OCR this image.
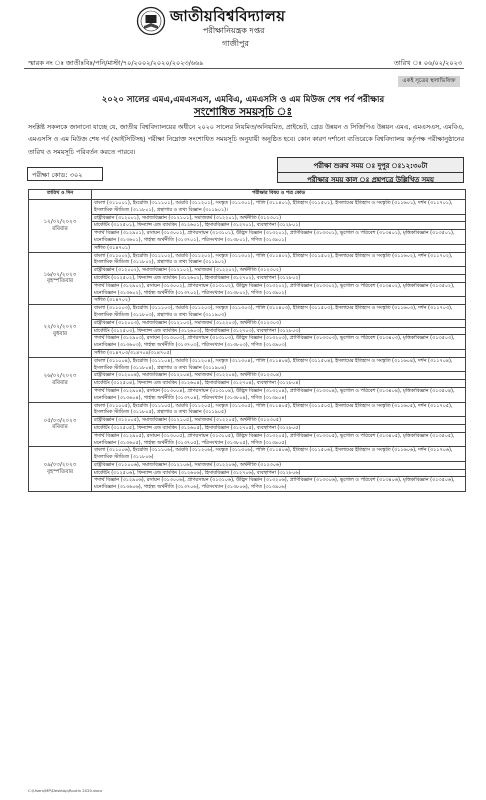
জাতীয়বিশ্ববিদ্যালয়
পরীক্ষানিয়ন্ত্রক দপ্তর
গাজীপুর
স্মারক নং ঃ জাতীঃবিঃ/পনি/মাস্টা/৭০/২০০২/২০২০/২০২৩/৬৬৯	তারিখ ঃ ০৬/০২/২০২৩
একই সূত্রের স্থলাভিষিক্ত
২০২০ সালের এমএ,এমএসএস, এমবিএ, এমএসসি ও এম মিউজ শেষ পর্ব পরীক্ষার
সংশোধিত সময়সূচি ঃ
সংশ্লিষ্ট সকলকে জানানো যাচ্ছে যে, জাতীয় বিশ্ববিদ্যালয়ের অধীনে ২০২০ সালের নিয়মিত/অনিয়মিত, প্রাইভেট, গ্রেড উন্নয়ন ও সিজিপিএ উন্নয়ন এমএ, এমএসএস, এমবিএ, এমএসসি ও এম মিউজ শেষ পর্ব (আইসিটিসহ) পরীক্ষা নিম্নোক্ত সংশোধিত সময়সূচি অনুযায়ী অনুষ্ঠিত হবে। কোন কারণ দর্শানো ব্যতিরেকে বিশ্ববিদ্যালয় কর্তৃপক্ষ পরীক্ষানুষ্ঠানের তারিখ ও সময়সূচি পরিবর্তন করতে পারবে।
পরীক্ষা কোড: ৩০২
পরীক্ষা শুরুর সময় ঃ দুপুর ঃ১২:৩০টা
পরীক্ষার সময় কাল ঃ প্রশ্নপত্রে উল্লিখিত সময়
তারিখ ও দিন	পরীক্ষার বিষয় ও পত্র কোড

১২/০২/২০২৩
রবিবার	বাংলা (৩১১০০১), ইংরেজি (৩১১১০১), আরবি (৩১১২০১), সংস্কৃত (৩১১৩০১), পালি (৩১১৪০১), ইতিহাস (৩১১৫০১), ইসলামের ইতিহাস ও সংস্কৃতি (৩১১৬০১), দর্শন (৩১১৭০১), ইসলামিক স্টাডিজ (৩১১৮০১), গ্রন্থাগার ও তথ্য বিজ্ঞান (৩১১৯০১)।
	রাষ্ট্রবিজ্ঞান (৩১২০০১), সমাজবিজ্ঞান (৩১২১০১), সমাজকর্ম (৩১২২০১), অর্থনীতি (৩১২৩০১)
	মার্কেটিং (৩১২৫০১), ফিন্যান্স এন্ড ব্যাংকিং (৩১২৬০১), হিসাববিজ্ঞান (৩১২৭০১), ব্যবস্থাপনা (৩১২৮০১)
	পদার্থ বিজ্ঞান (৩১২৯০১), রসায়ন (৩১৩০০১), প্রাণরসায়ন (৩১৩১০১), উদ্ভিদ বিজ্ঞান (৩১৩২০১), প্রাণিবিজ্ঞান (৩১৩৩০১), ভূগোল ও পরিবেশ (৩১৩৪০১), মৃত্তিকাবিজ্ঞান (৩১৩৫০১), মনোবিজ্ঞান (৩১৩৬০১), গার্হস্থ্য অর্থনীতি (৩১৩৭০১), পরিসংখ্যান (৩১৩৮০১), গণিত (৩১৩৯০১)
	সঙ্গীত (৩১৪৭০১)

১৬/০২/২০২৩
বৃহস্পতিবার	বাংলা (৩১১০০২), ইংরেজি (৩১১১০২), আরবি (৩১১২০২), সংস্কৃত (৩১১৩০২), পালি (৩১১৪০২), ইতিহাস (৩১১৫০২), ইসলামের ইতিহাস ও সংস্কৃতি (৩১১৬০২), দর্শন (৩১১৭০২), ইসলামিক স্টাডিজ (৩১১৮০২), গ্রন্থাগার ও তথ্য বিজ্ঞান (৩১১৯০২)
	রাষ্ট্রবিজ্ঞান (৩১২০০২), সমাজবিজ্ঞান (৩১২১০২), সমাজকর্ম (৩১২২০২), অর্থনীতি (৩১২৩০২)
	মার্কেটিং (৩১২৫০২), ফিন্যান্স এন্ড ব্যাংকিং (৩১২৬০২), হিসাববিজ্ঞান (৩১২৭০২), ব্যবস্থাপনা (৩১২৮০২)
	পদার্থ বিজ্ঞান (৩১২৯০২), রসায়ন (৩১৩০০২), প্রাণরসায়ন (৩১৩১০২), উদ্ভিদ বিজ্ঞান (৩১৩২০২), প্রাণিবিজ্ঞান (৩১৩৩০২), ভূগোল ও পরিবেশ (৩১৩৪০২), মৃত্তিকাবিজ্ঞান (৩১৩৫০২), মনোবিজ্ঞান (৩১৩৬০২), গার্হস্থ্য অর্থনীতি (৩১৩৭০২), পরিসংখ্যান (৩১৩৮০২), গণিত (৩১৩৯০২)
	সঙ্গীত (৩১৪৭০২)

২২/০২/২০২৩
বুধবার	বাংলা (৩১১০০৩), ইংরেজি (৩১১১০৩), আরবি (৩১১২০৩), সংস্কৃত (৩১১৩০৩), পালি (৩১১৪০৩), ইতিহাস (৩১১৫০৩), ইসলামের ইতিহাস ও সংস্কৃতি (৩১১৬০৩), দর্শন (৩১১৭০৩), ইসলামিক স্টাডিজ (৩১১৮০৩), গ্রন্থাগার ও তথ্য বিজ্ঞান (৩১১৯০৩)
	রাষ্ট্রবিজ্ঞান (৩১২০০৩), সমাজবিজ্ঞান (৩১২১০৩), সমাজকর্ম (৩১২২০৩), অর্থনীতি (৩১২৩০৩)
	মার্কেটিং (৩১২৫০৩), ফিন্যান্স এন্ড ব্যাংকিং (৩১২৬০৩), হিসাববিজ্ঞান (৩১২৭০৩), ব্যবস্থাপনা (৩১২৮০৩)
	পদার্থ বিজ্ঞান (৩১২৯০৩), রসায়ন (৩১৩০০৩), প্রাণরসায়ন (৩১৩১০৩), উদ্ভিদ বিজ্ঞান (৩১৩২০৩), প্রাণিবিজ্ঞান (৩১৩৩০৩), ভূগোল ও পরিবেশ (৩১৩৪০৩), মৃত্তিকাবিজ্ঞান (৩১৩৫০৩), মনোবিজ্ঞান (৩১৩৬০৩), গার্হস্থ্য অর্থনীতি (৩১৩৭০৩), পরিসংখ্যান (৩১৩৮০৩), গণিত (৩১৩৯০৩)
	সঙ্গীত (৩১৪৭০৩/৩১৪৭০৪/৩১৪৭০৫)

২৬/০২/২০২৩
রবিবার	বাংলা (৩১১০০৪), ইংরেজি (৩১১১০৪), আরবি (৩১১২০৪), সংস্কৃত (৩১১৩০৪), পালি (৩১১৪০৪), ইতিহাস (৩১১৫০৪), ইসলামের ইতিহাস ও সংস্কৃতি (৩১১৬০৪), দর্শন (৩১১৭০৪), ইসলামিক স্টাডিজ (৩১১৮০৪), গ্রন্থাগার ও তথ্য বিজ্ঞান (৩১১৯০৪)
	রাষ্ট্রবিজ্ঞান (৩১২০০৪), সমাজবিজ্ঞান (৩১২১০৪), সমাজকর্ম (৩১২২০৪), অর্থনীতি (৩১২৩০৪)
	মার্কেটিং (৩১২৫০৪), ফিন্যান্স এন্ড ব্যাংকিং (৩১২৬০৪), হিসাববিজ্ঞান (৩১২৭০৪), ব্যবস্থাপনা (৩১২৮০৪)
	পদার্থ বিজ্ঞান (৩১২৯০৪), রসায়ন (৩১৩০০৪), প্রাণরসায়ন (৩১৩১০৪), উদ্ভিদ বিজ্ঞান (৩১৩২০৪), প্রাণিবিজ্ঞান (৩১৩৩০৪), ভূগোল ও পরিবেশ (৩১৩৪০৪), মৃত্তিকাবিজ্ঞান (৩১৩৫০৪), মনোবিজ্ঞান (৩১৩৬০৪), গার্হস্থ্য অর্থনীতি (৩১৩৭০৪), পরিসংখ্যান (৩১৩৮০৪), গণিত (৩১৩৯০৪)

০৫/০৩/২০২৩
রবিবার	বাংলা (৩১১০০৫), ইংরেজি (৩১১১০৫), আরবি (৩১১২০৫), সংস্কৃত (৩১১৩০৫), পালি (৩১১৪০৫), ইতিহাস (৩১১৫০৫), ইসলামের ইতিহাস ও সংস্কৃতি (৩১১৬০৫), দর্শন (৩১১৭০৫), ইসলামিক স্টাডিজ (৩১১৮০৫), গ্রন্থাগার ও তথ্য বিজ্ঞান (৩১১৯০৫)
	রাষ্ট্রবিজ্ঞান (৩১২০০৫), সমাজবিজ্ঞান (৩১২১০৫), সমাজকর্ম (৩১২২০৫), অর্থনীতি (৩১২৩০৫)
	মার্কেটিং (৩১২৫০৫), ফিন্যান্স এন্ড ব্যাংকিং (৩১২৬০৫), হিসাববিজ্ঞান (৩১২৭০৫), ব্যবস্থাপনা (৩১২৮০৫)
	পদার্থ বিজ্ঞান (৩১২৯০৫), রসায়ন (৩১৩০০৫), প্রাণরসায়ন (৩১৩১০৫), উদ্ভিদ বিজ্ঞান (৩১৩২০৫), প্রাণিবিজ্ঞান (৩১৩৩০৫), ভূগোল ও পরিবেশ (৩১৩৪০৫), মৃত্তিকাবিজ্ঞান (৩১৩৫০৫), মনোবিজ্ঞান (৩১৩৬০৫), গার্হস্থ্য অর্থনীতি (৩১৩৭০৫), পরিসংখ্যান (৩১৩৮০৫), গণিত (৩১৩৯০৫)

০৯/০৩/২০২৩
বৃহস্পতিবার	বাংলা (৩১১০০৬), ইংরেজি (৩১১১০৬), আরবি (৩১১২০৬), সংস্কৃত (৩১১৩০৬), পালি (৩১১৪০৬), ইতিহাস (৩১১৫০৬), ইসলামের ইতিহাস ও সংস্কৃতি (৩১১৬০৬), দর্শন (৩১১৭০৬), ইসলামিক স্টাডিজ (৩১১৮০৬)
	রাষ্ট্রবিজ্ঞান (৩১২০০৬), সমাজবিজ্ঞান (৩১২১০৬), সমাজকর্ম (৩১২২০৬), অর্থনীতি (৩১২৩০৬)
	মার্কেটিং (৩১২৫০৬), ফিন্যান্স এন্ড ব্যাংকিং (৩১২৬০৬), হিসাববিজ্ঞান (৩১২৭০৬), ব্যবস্থাপনা (৩১২৮০৬)
	পদার্থ বিজ্ঞান (৩১২৯০৬), রসায়ন (৩১৩০০৬), প্রাণরসায়ন (৩১৩১০৬), উদ্ভিদ বিজ্ঞান (৩১৩২০৬), প্রাণিবিজ্ঞান (৩১৩৩০৬), ভূগোল ও পরিবেশ (৩১৩৪০৬), মৃত্তিকাবিজ্ঞান (৩১৩৫০৬), মনোবিজ্ঞান (৩১৩৬০৬), গার্হস্থ্য অর্থনীতি (৩১৩৭০৬), পরিসংখ্যান (৩১৩৮০৬), গণিত (৩১৩৯০৬)
C:\Users\MP\Desktop\Routin 2020.docx
